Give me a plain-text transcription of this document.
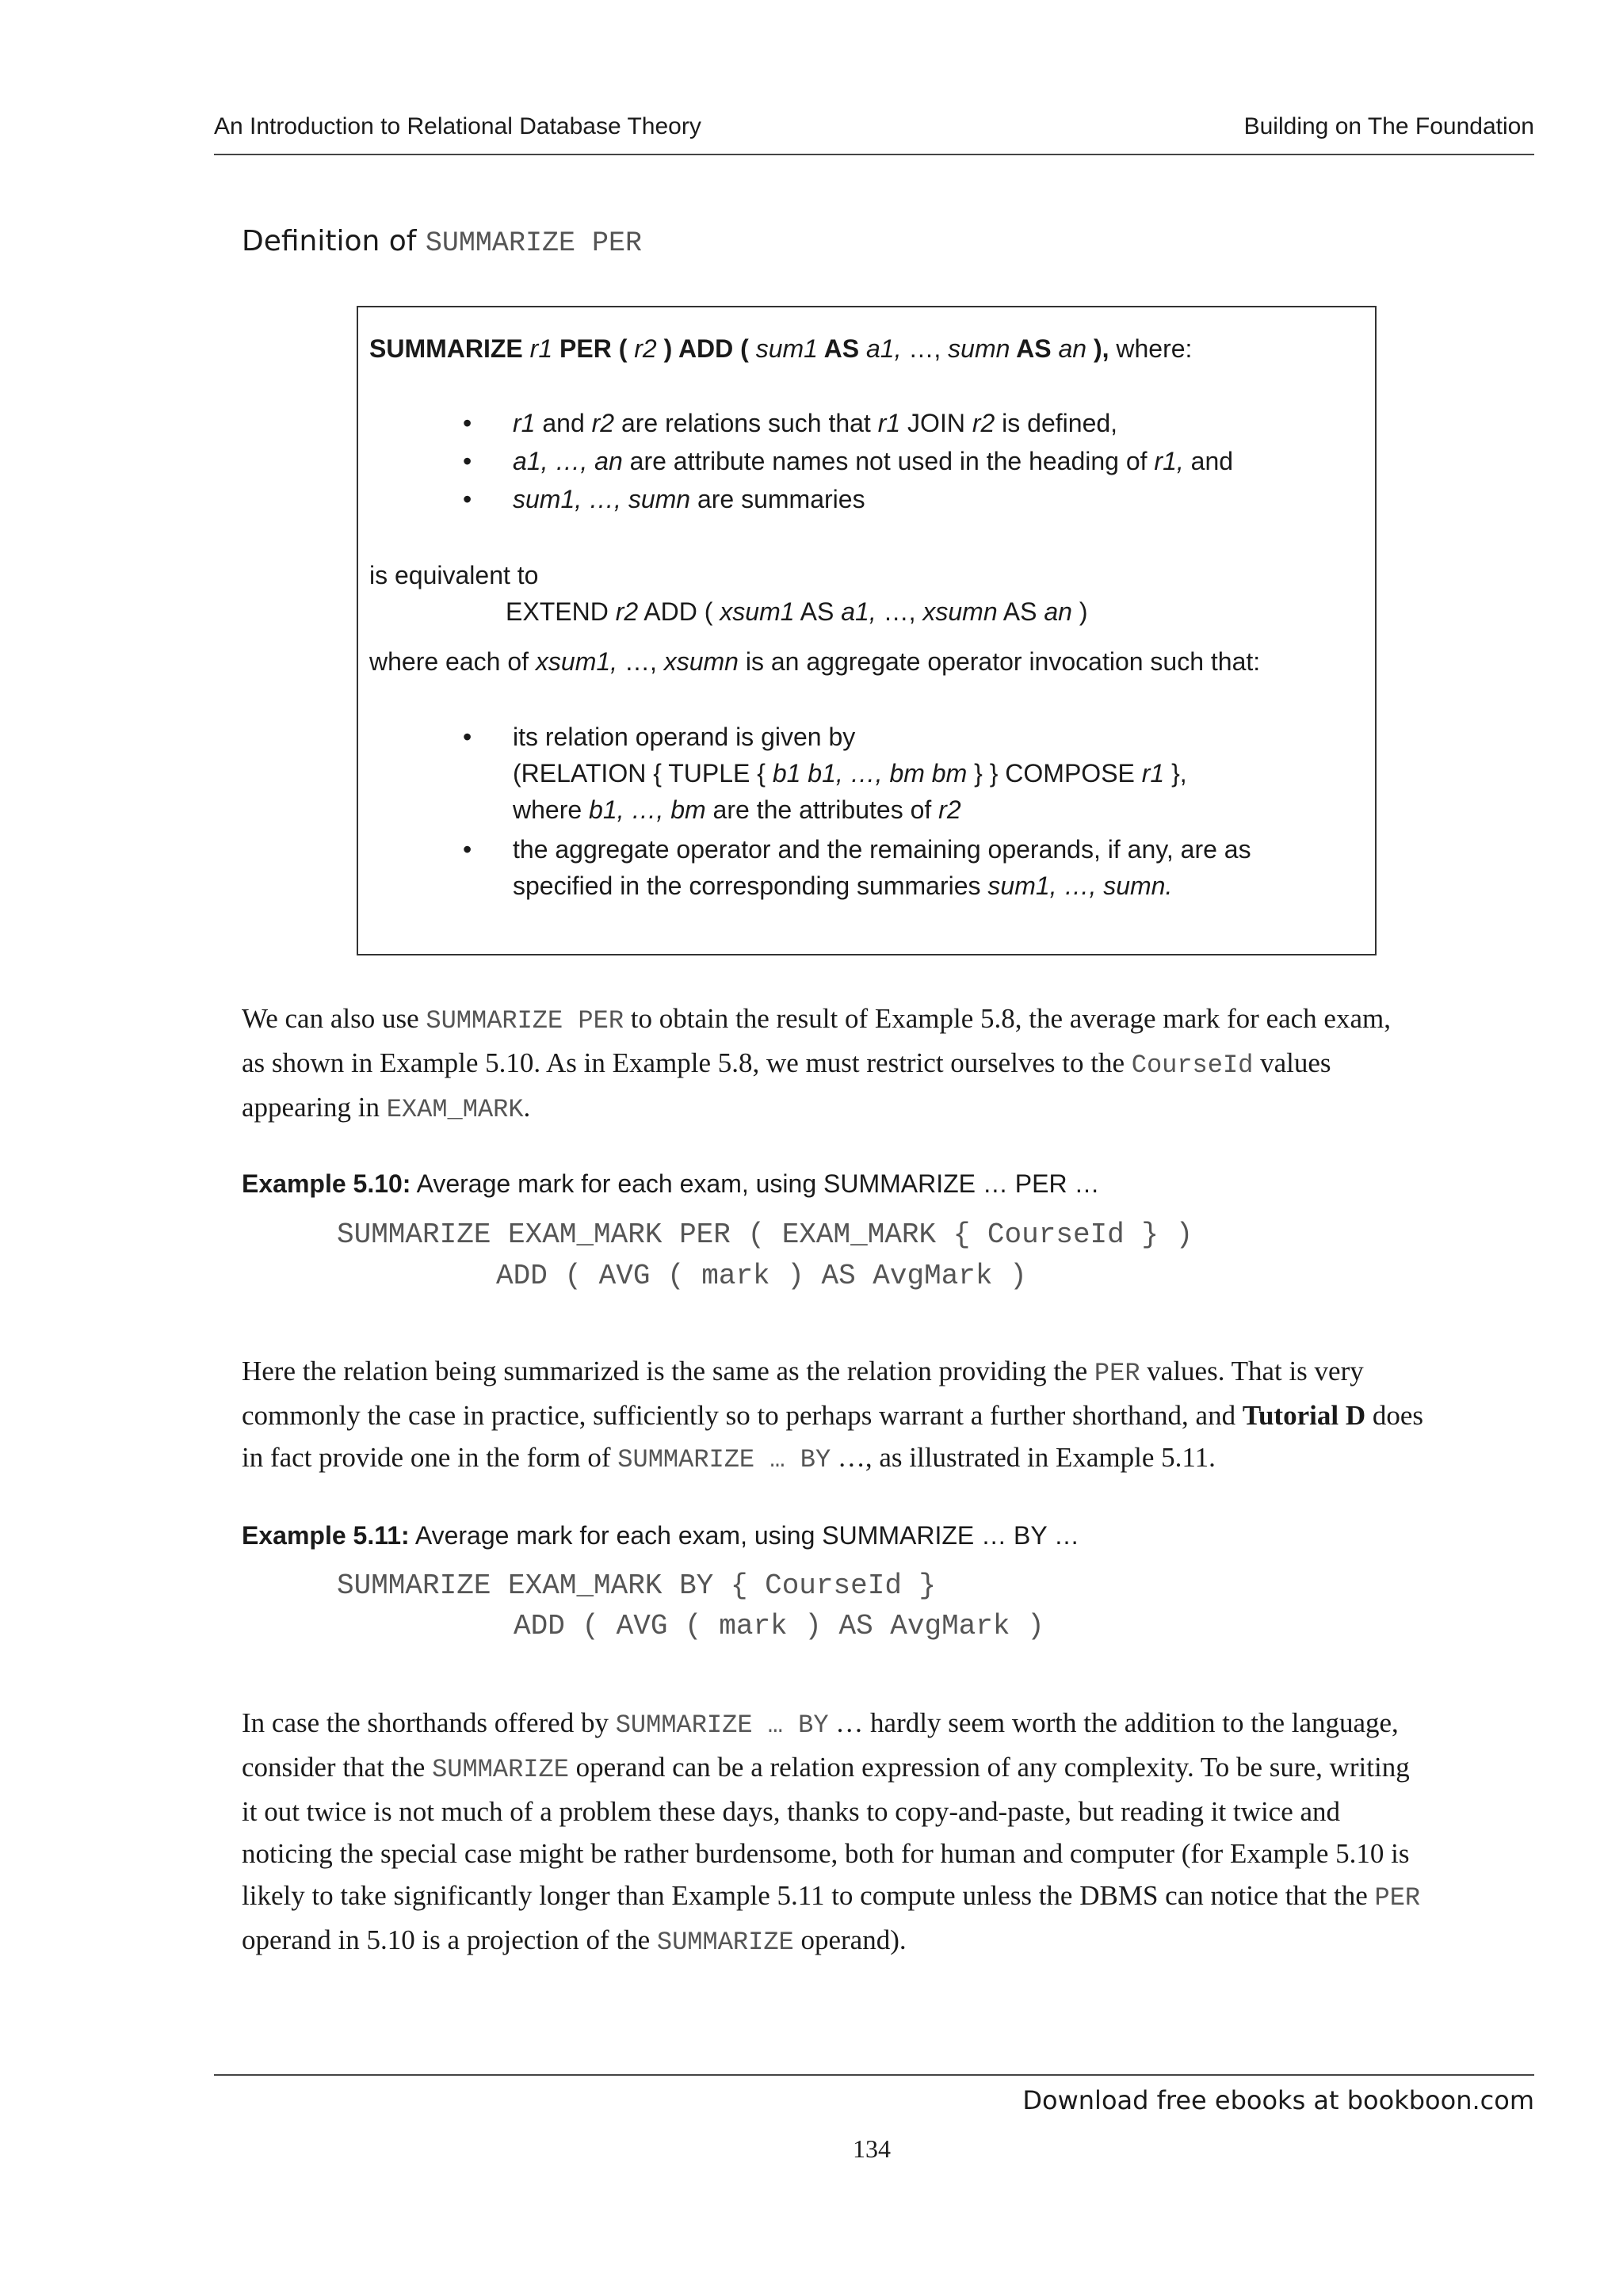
An Introduction to Relational Database Theory	Building on The Foundation
Definition of SUMMARIZE PER
SUMMARIZE r1 PER ( r2 ) ADD ( sum1 AS a1, …, sumn AS an ), where:
• r1 and r2 are relations such that r1 JOIN r2 is defined,
• a1, …, an are attribute names not used in the heading of r1, and
• sum1, …, sumn are summaries
is equivalent to
EXTEND r2 ADD ( xsum1 AS a1, …, xsumn AS an )
where each of xsum1, …, xsumn is an aggregate operator invocation such that:
• its relation operand is given by
(RELATION { TUPLE { b1 b1, …, bm bm } } COMPOSE r1 },
where b1, …, bm are the attributes of r2
• the aggregate operator and the remaining operands, if any, are as
specified in the corresponding summaries sum1, …, sumn.
We can also use SUMMARIZE PER to obtain the result of Example 5.8, the average mark for each exam,
as shown in Example 5.10. As in Example 5.8, we must restrict ourselves to the CourseId values
appearing in EXAM_MARK.
Example 5.10: Average mark for each exam, using SUMMARIZE … PER …
SUMMARIZE EXAM_MARK PER ( EXAM_MARK { CourseId } )
ADD ( AVG ( mark ) AS AvgMark )
Here the relation being summarized is the same as the relation providing the PER values. That is very
commonly the case in practice, sufficiently so to perhaps warrant a further shorthand, and Tutorial D does
in fact provide one in the form of SUMMARIZE … BY …, as illustrated in Example 5.11.
Example 5.11: Average mark for each exam, using SUMMARIZE … BY …
SUMMARIZE EXAM_MARK BY { CourseId }
ADD ( AVG ( mark ) AS AvgMark )
In case the shorthands offered by SUMMARIZE … BY … hardly seem worth the addition to the language,
consider that the SUMMARIZE operand can be a relation expression of any complexity. To be sure, writing
it out twice is not much of a problem these days, thanks to copy-and-paste, but reading it twice and
noticing the special case might be rather burdensome, both for human and computer (for Example 5.10 is
likely to take significantly longer than Example 5.11 to compute unless the DBMS can notice that the PER
operand in 5.10 is a projection of the SUMMARIZE operand).
Download free ebooks at bookboon.com
134
